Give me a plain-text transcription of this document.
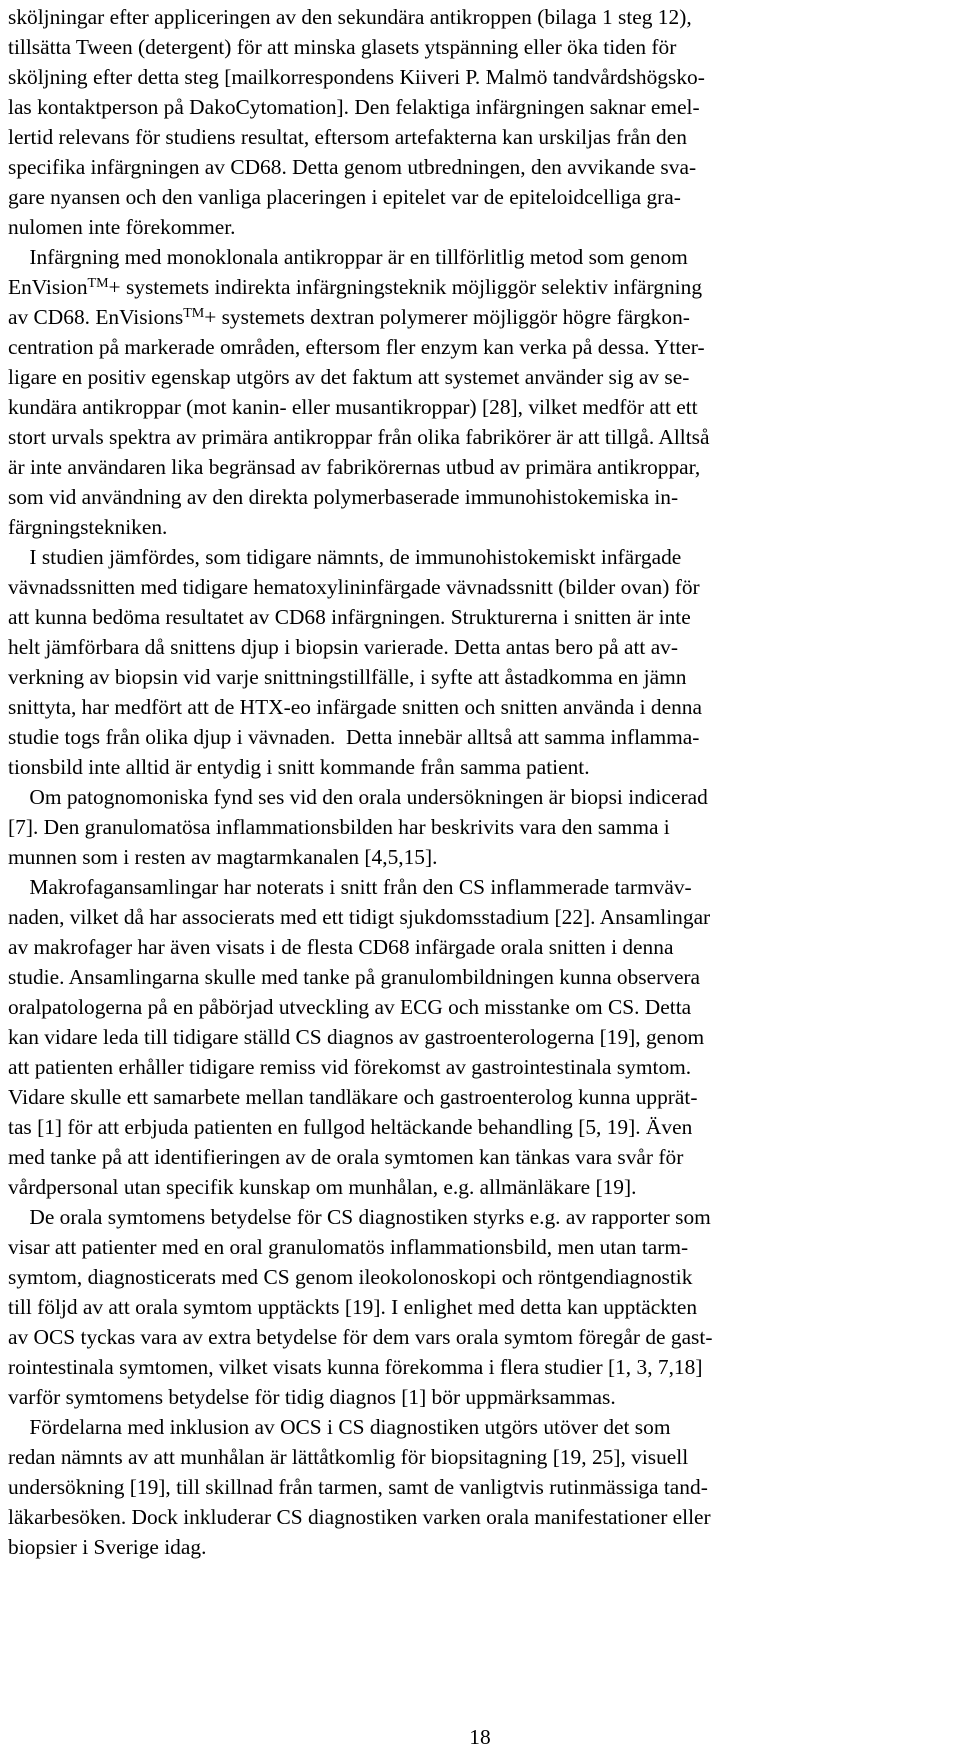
sköljningar efter appliceringen av den sekundära antikroppen (bilaga 1 steg 12),
tillsätta Tween (detergent) för att minska glasets ytspänning eller öka tiden för
sköljning efter detta steg [mailkorrespondens Kiiveri P. Malmö tandvårdshögsko-
las kontaktperson på DakoCytomation]. Den felaktiga infärgningen saknar emel-
lertid relevans för studiens resultat, eftersom artefakterna kan urskiljas från den
specifika infärgningen av CD68. Detta genom utbredningen, den avvikande sva-
gare nyansen och den vanliga placeringen i epitelet var de epiteloidcelliga gra-
nulomen inte förekommer.
Infärgning med monoklonala antikroppar är en tillförlitlig metod som genom
EnVision™+ systemets indirekta infärgningsteknik möjliggör selektiv infärgning
av CD68. EnVisions™+ systemets dextran polymerer möjliggör högre färgkon-
centration på markerade områden, eftersom fler enzym kan verka på dessa. Ytter-
ligare en positiv egenskap utgörs av det faktum att systemet använder sig av se-
kundära antikroppar (mot kanin- eller musantikroppar) [28], vilket medför att ett
stort urvals spektra av primära antikroppar från olika fabrikörer är att tillgå. Alltså
är inte användaren lika begränsad av fabrikörernas utbud av primära antikroppar,
som vid användning av den direkta polymerbaserade immunohistokemiska in-
färgningstekniken.
I studien jämfördes, som tidigare nämnts, de immunohistokemiskt infärgade
vävnadssnitten med tidigare hematoxylininfärgade vävnadssnitt (bilder ovan) för
att kunna bedöma resultatet av CD68 infärgningen. Strukturerna i snitten är inte
helt jämförbara då snittens djup i biopsin varierade. Detta antas bero på att av-
verkning av biopsin vid varje snittningstillfälle, i syfte att åstadkomma en jämn
snittyta, har medfört att de HTX-eo infärgade snitten och snitten använda i denna
studie togs från olika djup i vävnaden.  Detta innebär alltså att samma inflamma-
tionsbild inte alltid är entydig i snitt kommande från samma patient.
Om patognomoniska fynd ses vid den orala undersökningen är biopsi indicerad
[7]. Den granulomatösa inflammationsbilden har beskrivits vara den samma i
munnen som i resten av magtarmkanalen [4,5,15].
Makrofagansamlingar har noterats i snitt från den CS inflammerade tarmväv-
naden, vilket då har associerats med ett tidigt sjukdomsstadium [22]. Ansamlingar
av makrofager har även visats i de flesta CD68 infärgade orala snitten i denna
studie. Ansamlingarna skulle med tanke på granulombildningen kunna observera
oralpatologerna på en påbörjad utveckling av ECG och misstanke om CS. Detta
kan vidare leda till tidigare ställd CS diagnos av gastroenterologerna [19], genom
att patienten erhåller tidigare remiss vid förekomst av gastrointestinala symtom.
Vidare skulle ett samarbete mellan tandläkare och gastroenterolog kunna upprät-
tas [1] för att erbjuda patienten en fullgod heltäckande behandling [5, 19]. Även
med tanke på att identifieringen av de orala symtomen kan tänkas vara svår för
vårdpersonal utan specifik kunskap om munhålan, e.g. allmänläkare [19].
De orala symtomens betydelse för CS diagnostiken styrks e.g. av rapporter som
visar att patienter med en oral granulomatös inflammationsbild, men utan tarm-
symtom, diagnosticerats med CS genom ileokolonoskopi och röntgendiagnostik
till följd av att orala symtom upptäckts [19]. I enlighet med detta kan upptäckten
av OCS tyckas vara av extra betydelse för dem vars orala symtom föregår de gast-
rointestinala symtomen, vilket visats kunna förekomma i flera studier [1, 3, 7,18]
varför symtomens betydelse för tidig diagnos [1] bör uppmärksammas.
Fördelarna med inklusion av OCS i CS diagnostiken utgörs utöver det som
redan nämnts av att munhålan är lättåtkomlig för biopsitagning [19, 25], visuell
undersökning [19], till skillnad från tarmen, samt de vanligtvis rutinmässiga tand-
läkarbesöken. Dock inkluderar CS diagnostiken varken orala manifestationer eller
biopsier i Sverige idag.
18
